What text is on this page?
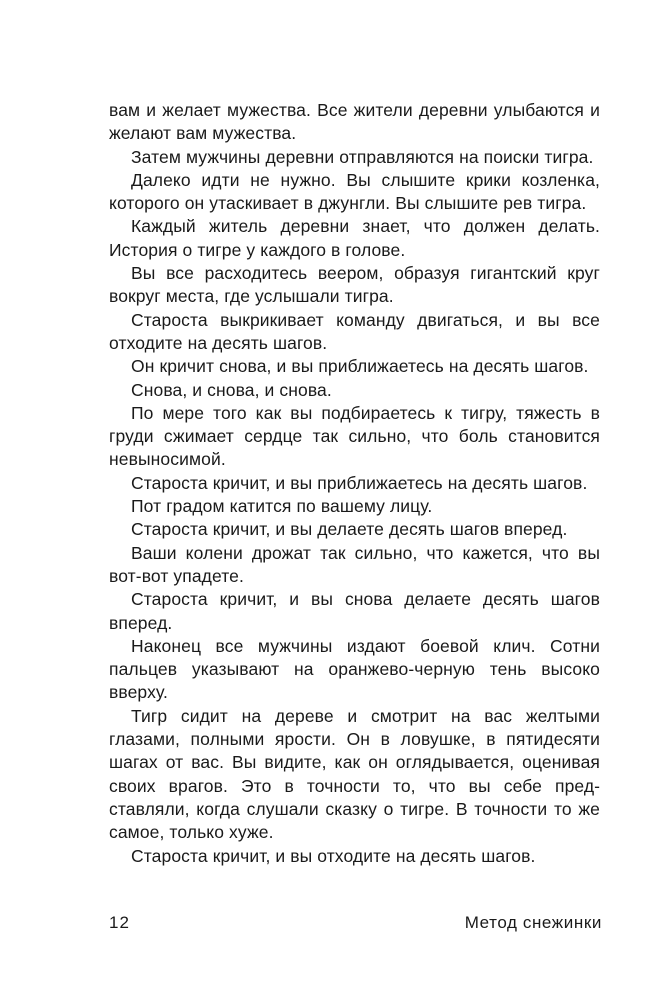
вам и желает мужества. Все жители деревни улыбаются и желают вам мужества.

Затем мужчины деревни отправляются на поиски тигра.

Далеко идти не нужно. Вы слышите крики козленка, которого он утаскивает в джунгли. Вы слышите рев тигра.

Каждый житель деревни знает, что должен делать. История о тигре у каждого в голове.

Вы все расходитесь веером, образуя гигантский круг вокруг места, где услышали тигра.

Староста выкрикивает команду двигаться, и вы все отходите на десять шагов.

Он кричит снова, и вы приближаетесь на десять шагов.

Снова, и снова, и снова.

По мере того как вы подбираетесь к тигру, тяжесть в груди сжимает сердце так сильно, что боль становится невыносимой.

Староста кричит, и вы приближаетесь на десять шагов.

Пот градом катится по вашему лицу.

Староста кричит, и вы делаете десять шагов вперед.

Ваши колени дрожат так сильно, что кажется, что вы вот-вот упадете.

Староста кричит, и вы снова делаете десять шагов вперед.

Наконец все мужчины издают боевой клич. Сотни пальцев указывают на оранжево-черную тень высоко вверху.

Тигр сидит на дереве и смотрит на вас желтыми глазами, полными ярости. Он в ловушке, в пятидесяти шагах от вас. Вы видите, как он оглядывается, оценивая своих врагов. Это в точности то, что вы себе представляли, когда слушали сказку о тигре. В точности то же самое, только хуже.

Староста кричит, и вы отходите на десять шагов.

12	Метод снежинки
